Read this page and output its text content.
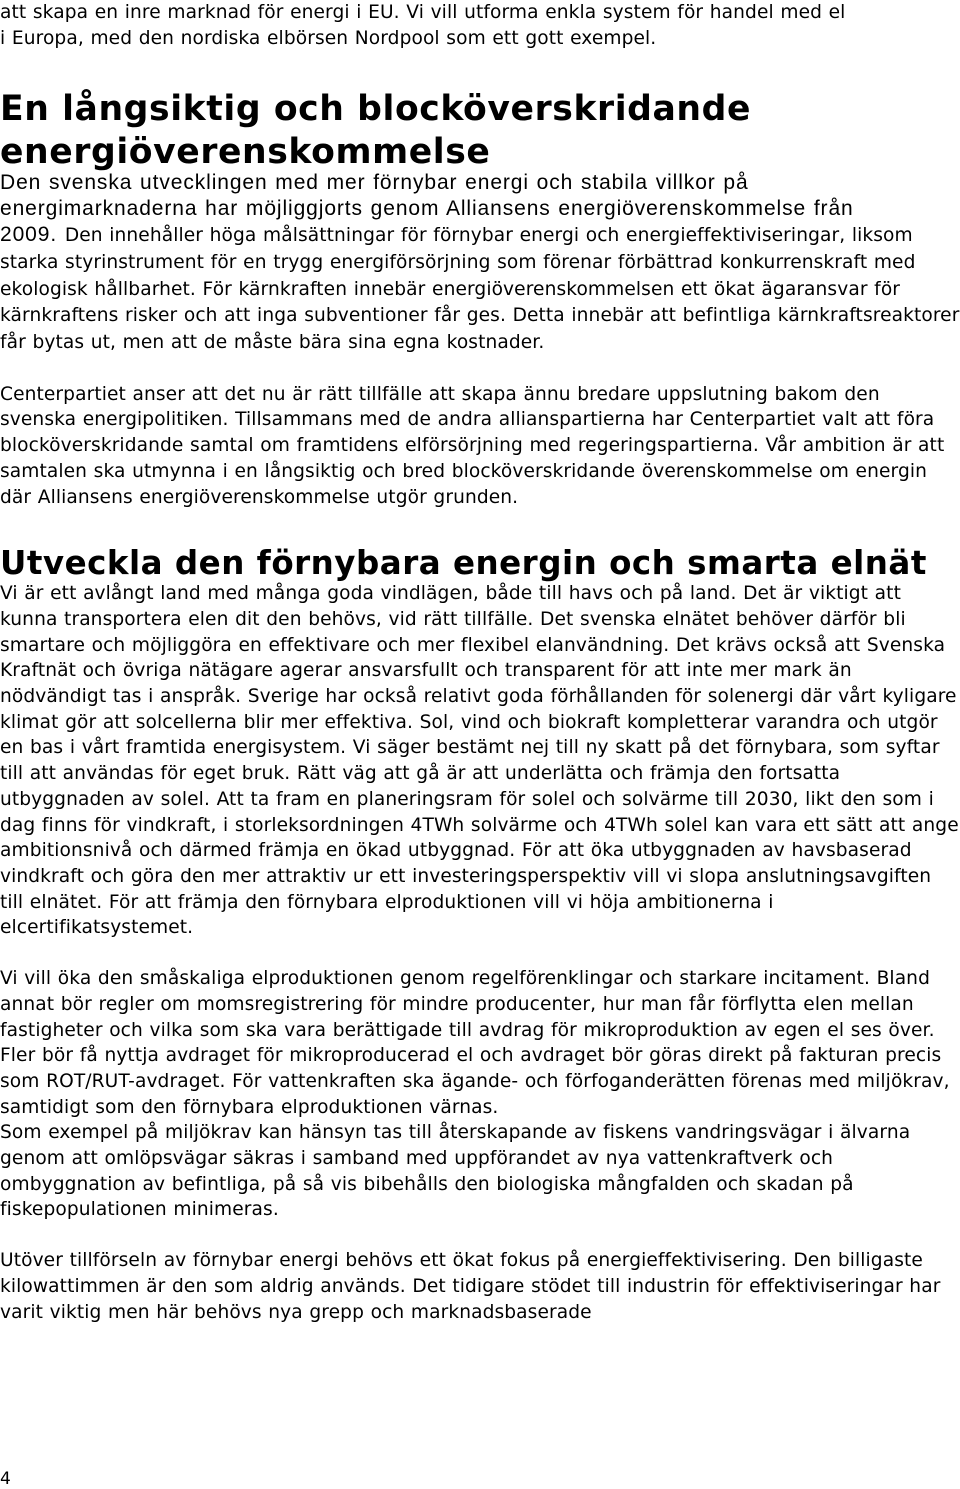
att skapa en inre marknad för energi i EU. Vi vill utforma enkla system för handel med el
i Europa, med den nordiska elbörsen Nordpool som ett gott exempel.

En långsiktig och blocköverskridande
energiöverenskommelse

Den svenska utvecklingen med mer förnybar energi och stabila villkor på
energimarknaderna har möjliggjorts genom Alliansens energiöverenskommelse från
2009. Den innehåller höga målsättningar för förnybar energi och energieffektiviseringar, liksom starka styrinstrument för en trygg energiförsörjning som förenar förbättrad konkurrenskraft med ekologisk hållbarhet. För kärnkraften innebär energiöverenskommelsen ett ökat ägaransvar för kärnkraftens risker och att inga subventioner får ges. Detta innebär att befintliga kärnkraftsreaktorer får bytas ut, men att de måste bära sina egna kostnader.

Centerpartiet anser att det nu är rätt tillfälle att skapa ännu bredare uppslutning bakom den svenska energipolitiken. Tillsammans med de andra allianspartierna har Centerpartiet valt att föra blocköverskridande samtal om framtidens elförsörjning med regeringspartierna. Vår ambition är att samtalen ska utmynna i en långsiktig och bred blocköverskridande överenskommelse om energin där Alliansens energiöverenskommelse utgör grunden.

Utveckla den förnybara energin och smarta elnät

Vi är ett avlångt land med många goda vindlägen, både till havs och på land. Det är viktigt att kunna transportera elen dit den behövs, vid rätt tillfälle. Det svenska elnätet behöver därför bli smartare och möjliggöra en effektivare och mer flexibel elanvändning. Det krävs också att Svenska Kraftnät och övriga nätägare agerar ansvarsfullt och transparent för att inte mer mark än nödvändigt tas i anspråk. Sverige har också relativt goda förhållanden för solenergi där vårt kyligare klimat gör att solcellerna blir mer effektiva. Sol, vind och biokraft kompletterar varandra och utgör en bas i vårt framtida energisystem. Vi säger bestämt nej till ny skatt på det förnybara, som syftar till att användas för eget bruk. Rätt väg att gå är att underlätta och främja den fortsatta utbyggnaden av solel. Att ta fram en planeringsram för solel och solvärme till 2030, likt den som i dag finns för vindkraft, i storleksordningen 4TWh solvärme och 4TWh solel kan vara ett sätt att ange ambitionsnivå och därmed främja en ökad utbyggnad. För att öka utbyggnaden av havsbaserad vindkraft och göra den mer attraktiv ur ett investeringsperspektiv vill vi slopa anslutningsavgiften till elnätet. För att främja den förnybara elproduktionen vill vi höja ambitionerna i elcertifikatsystemet.

Vi vill öka den småskaliga elproduktionen genom regelförenklingar och starkare incitament. Bland annat bör regler om momsregistrering för mindre producenter, hur man får förflytta elen mellan fastigheter och vilka som ska vara berättigade till avdrag för mikroproduktion av egen el ses över. Fler bör få nyttja avdraget för mikroproducerad el och avdraget bör göras direkt på fakturan precis som ROT/RUT-avdraget. För vattenkraften ska ägande- och förfoganderätten förenas med miljökrav, samtidigt som den förnybara elproduktionen värnas.

Som exempel på miljökrav kan hänsyn tas till återskapande av fiskens vandringsvägar i älvarna genom att omlöpsvägar säkras i samband med uppförandet av nya vattenkraftverk och ombyggnation av befintliga, på så vis bibehålls den biologiska mångfalden och skadan på fiskepopulationen minimeras.

Utöver tillförseln av förnybar energi behövs ett ökat fokus på energieffektivisering. Den billigaste kilowattimmen är den som aldrig används. Det tidigare stödet till industrin för effektiviseringar har varit viktig men här behövs nya grepp och marknadsbaserade

4
